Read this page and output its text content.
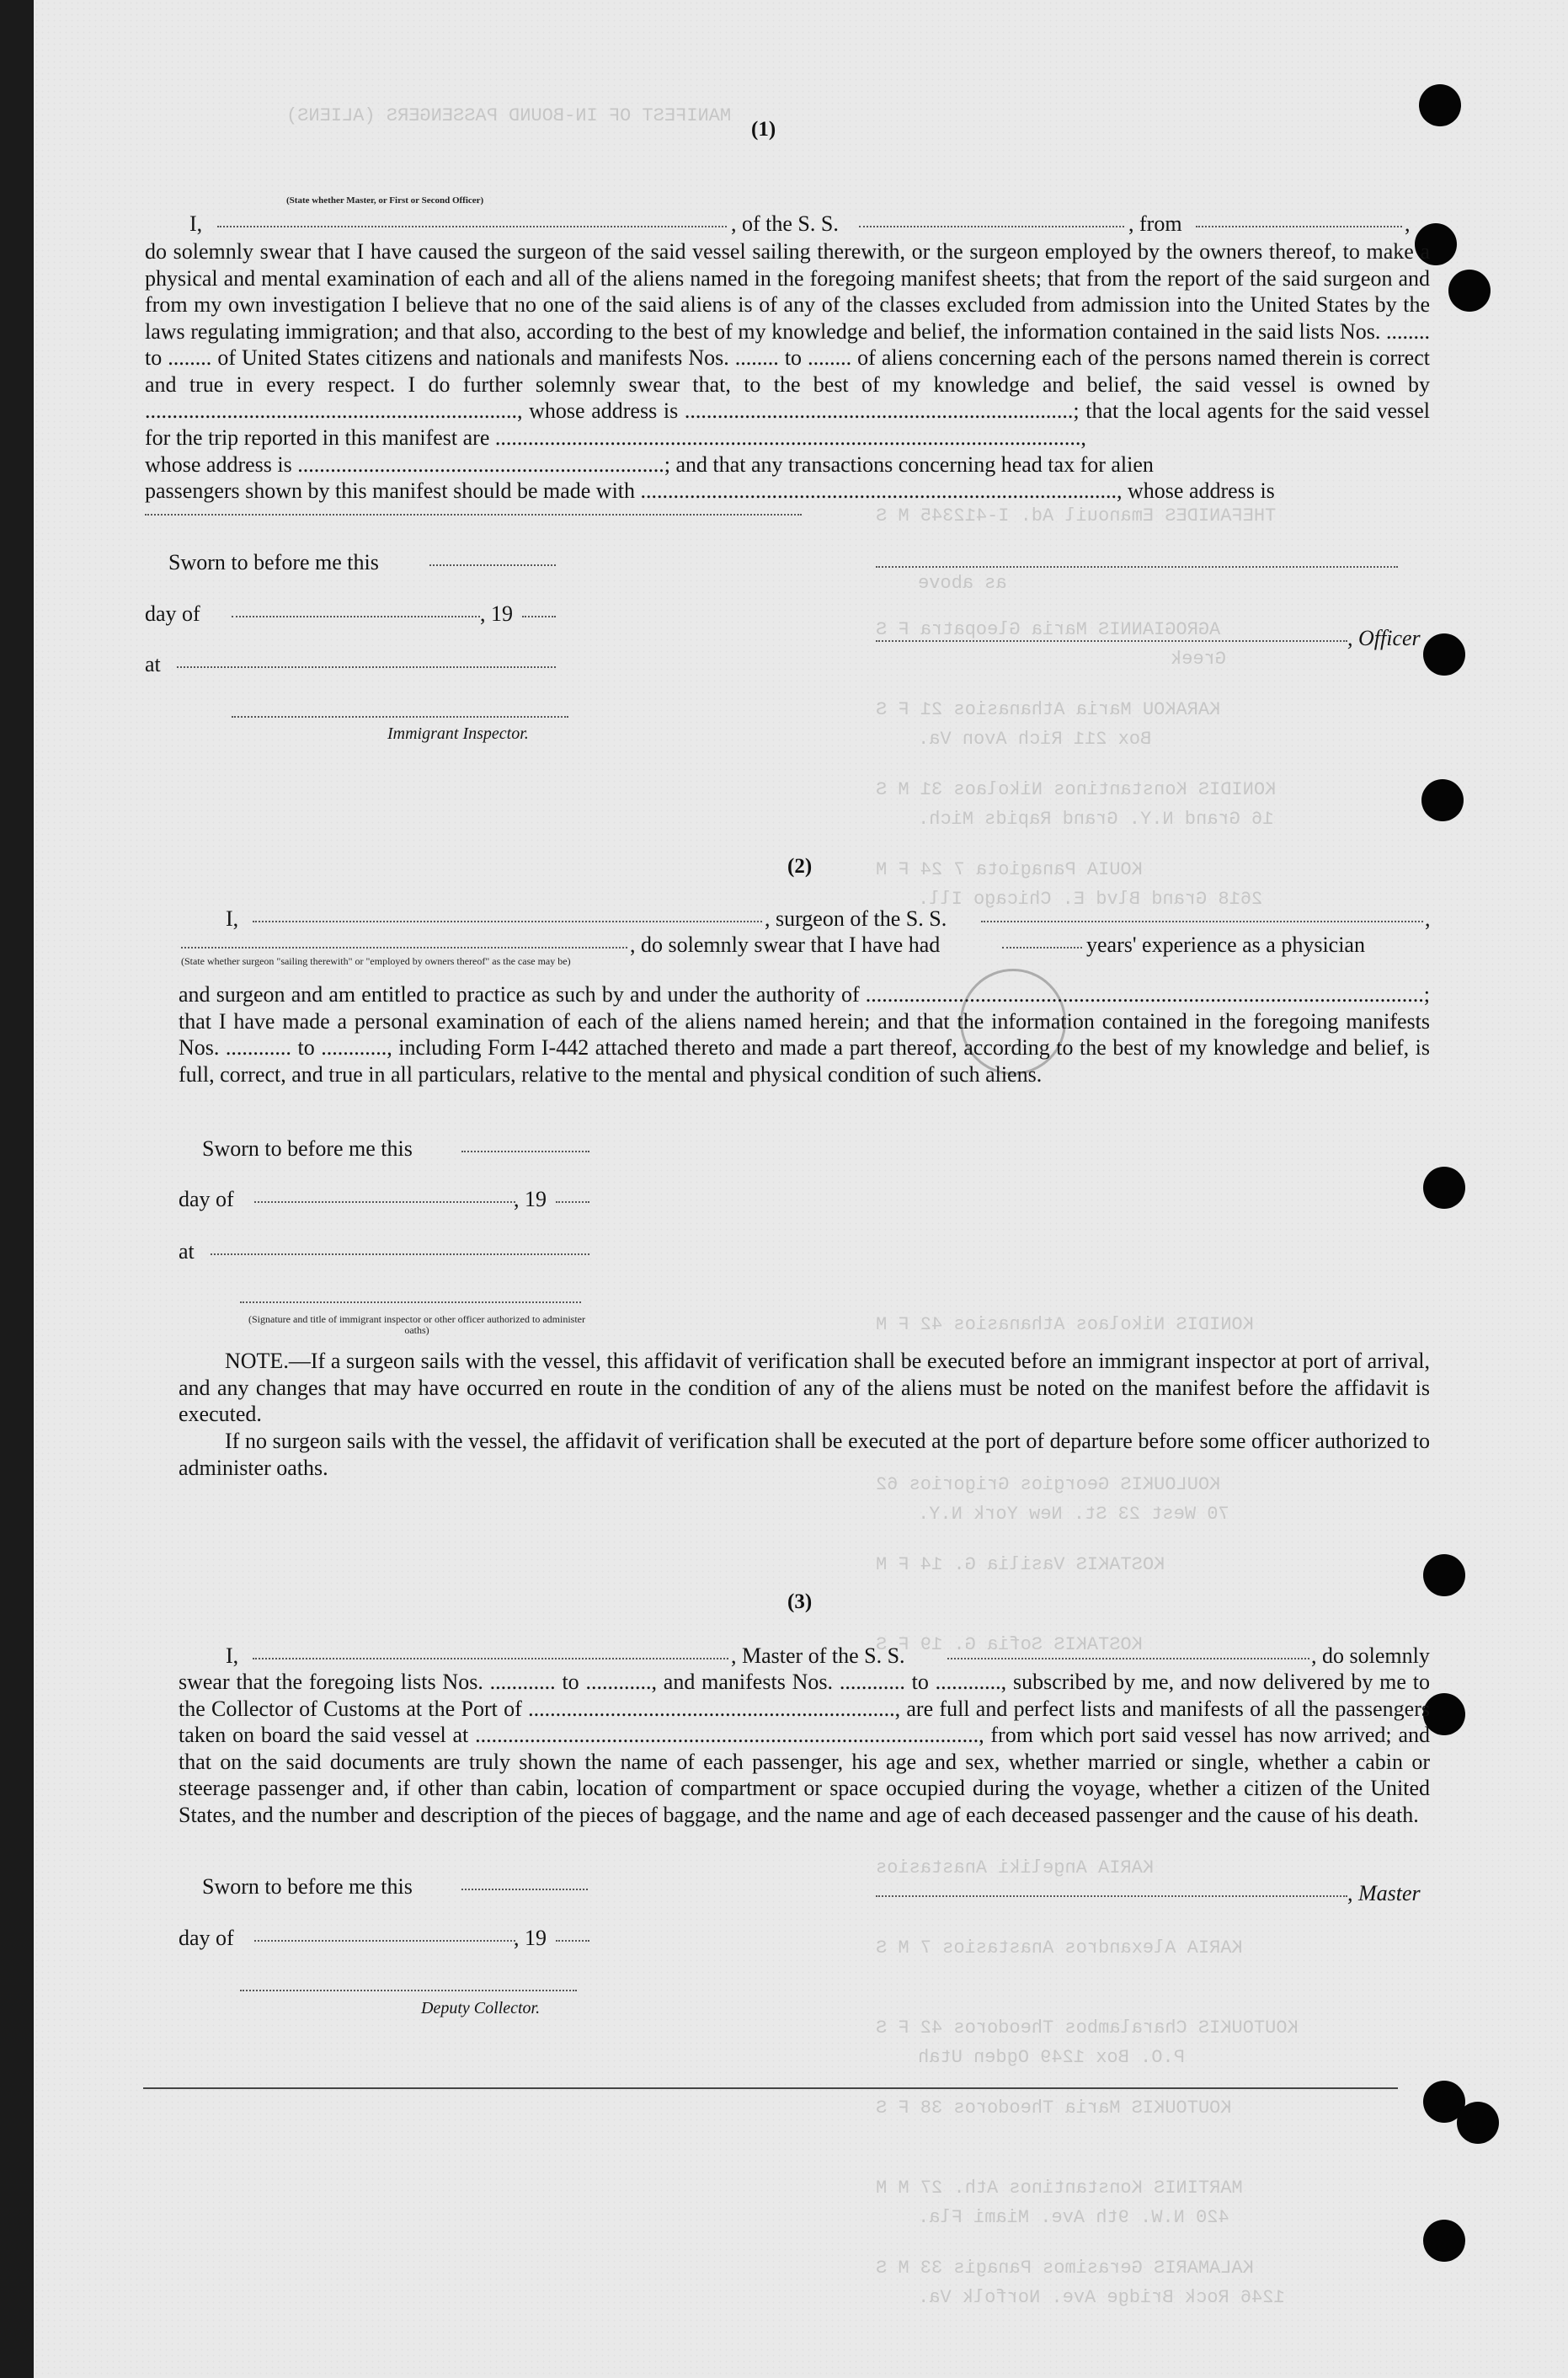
MANIFEST OF IN-BOUND PASSENGERS (ALIENS)
THEFANIDES Emanouil Ad. I-412345 M S
as above
AGROGIANNIS Maria Gleopatra F S
Greek
KARAKOU Maria Athanasios 21 F S
Box 211 Rich Avon Va.
KONIDIS Konstantinos Nikolaos 31 M S
16 Grand N.Y. Grand Rapids Mich.
KOUIA Panagiota 7 24 F M
2618 Grand Blvd E. Chicago Ill.
KONIDIS Nikolaos Athanasios 42 F M
KOULOUKIS Georgios Grigorios 62
70 West 23 St. New York N.Y.
KOSTAKIS Vasilia G. 14 F M
KOSTAKIS Sofia G. 19 F S
KARIA Angeliki Anastasios
KARIA Alexandros Anastasios 7 M S
KOUTOUKIS Charalambos Theodoros 42 F S
P.O. Box 1249 Ogden Utah
KOUTOUKIS Maria Theodoros 38 F S
MARTINIS Konstantinos Ath. 27 M M
420 N.W. 9th Ave. Miami Fla.
KALAMARIS Gerasimos Panagis 33 M S
1246 Rock Bridge Ave. Norfolk Va.
(1)
I,	, of the S. S.	, from	,
(State whether Master, or First or Second Officer)
do solemnly swear that I have caused the surgeon of the said vessel sailing therewith, or the surgeon employed by the owners thereof, to make a physical and mental examination of each and all of the aliens named in the foregoing manifest sheets; that from the report of the said surgeon and from my own investigation I believe that no one of the said aliens is of any of the classes excluded from admission into the United States by the laws regulating immigration; and that also, according to the best of my knowledge and belief, the information contained in the said lists Nos. ........ to ........ of United States citizens and nationals and manifests Nos. ........ to ........ of aliens concerning each of the persons named therein is correct and true in every respect. I do further solemnly swear that, to the best of my knowledge and belief, the said vessel is owned by ...................................................................., whose address is .......................................................................; that the local agents for the said vessel for the trip reported in this manifest are ...........................................................................................................,
whose address is ...................................................................; and that any transactions concerning head tax for alien
passengers shown by this manifest should be made with ......................................................................................., whose address is
Sworn to before me this
day of	, 19
, Officer
at
Immigrant Inspector.
(2)
I,	, surgeon of the S. S.	,
, do solemnly swear that I have had	years' experience as a physician
(State whether surgeon "sailing therewith" or "employed by owners thereof" as the case may be)
and surgeon and am entitled to practice as such by and under the authority of ......................................................................................................; that I have made a personal examination of each of the aliens named herein; and that the information contained in the foregoing manifests Nos. ............ to ............, including Form I-442 attached thereto and made a part thereof, according to the best of my knowledge and belief, is full, correct, and true in all particulars, relative to the mental and physical condition of such aliens.
Sworn to before me this
day of	, 19
at
(Signature and title of immigrant inspector or other officer authorized to administer oaths)
NOTE.—If a surgeon sails with the vessel, this affidavit of verification shall be executed before an immigrant inspector at port of arrival, and any changes that may have occurred en route in the condition of any of the aliens must be noted on the manifest before the affidavit is executed.
If no surgeon sails with the vessel, the affidavit of verification shall be executed at the port of departure before some officer authorized to administer oaths.
(3)
I,	, Master of the S. S.	, do solemnly
swear that the foregoing lists Nos. ............ to ............, and manifests Nos. ............ to ............, subscribed by me, and now delivered by me to the Collector of Customs at the Port of ..................................................................., are full and perfect lists and manifests of all the passengers taken on board the said vessel at ............................................................................................, from which port said vessel has now arrived; and that on the said documents are truly shown the name of each passenger, his age and sex, whether married or single, whether a cabin or steerage passenger and, if other than cabin, location of compartment or space occupied during the voyage, whether a citizen of the United States, and the number and description of the pieces of baggage, and the name and age of each deceased passenger and the cause of his death.
Sworn to before me this	, Master
day of	, 19
Deputy Collector.
